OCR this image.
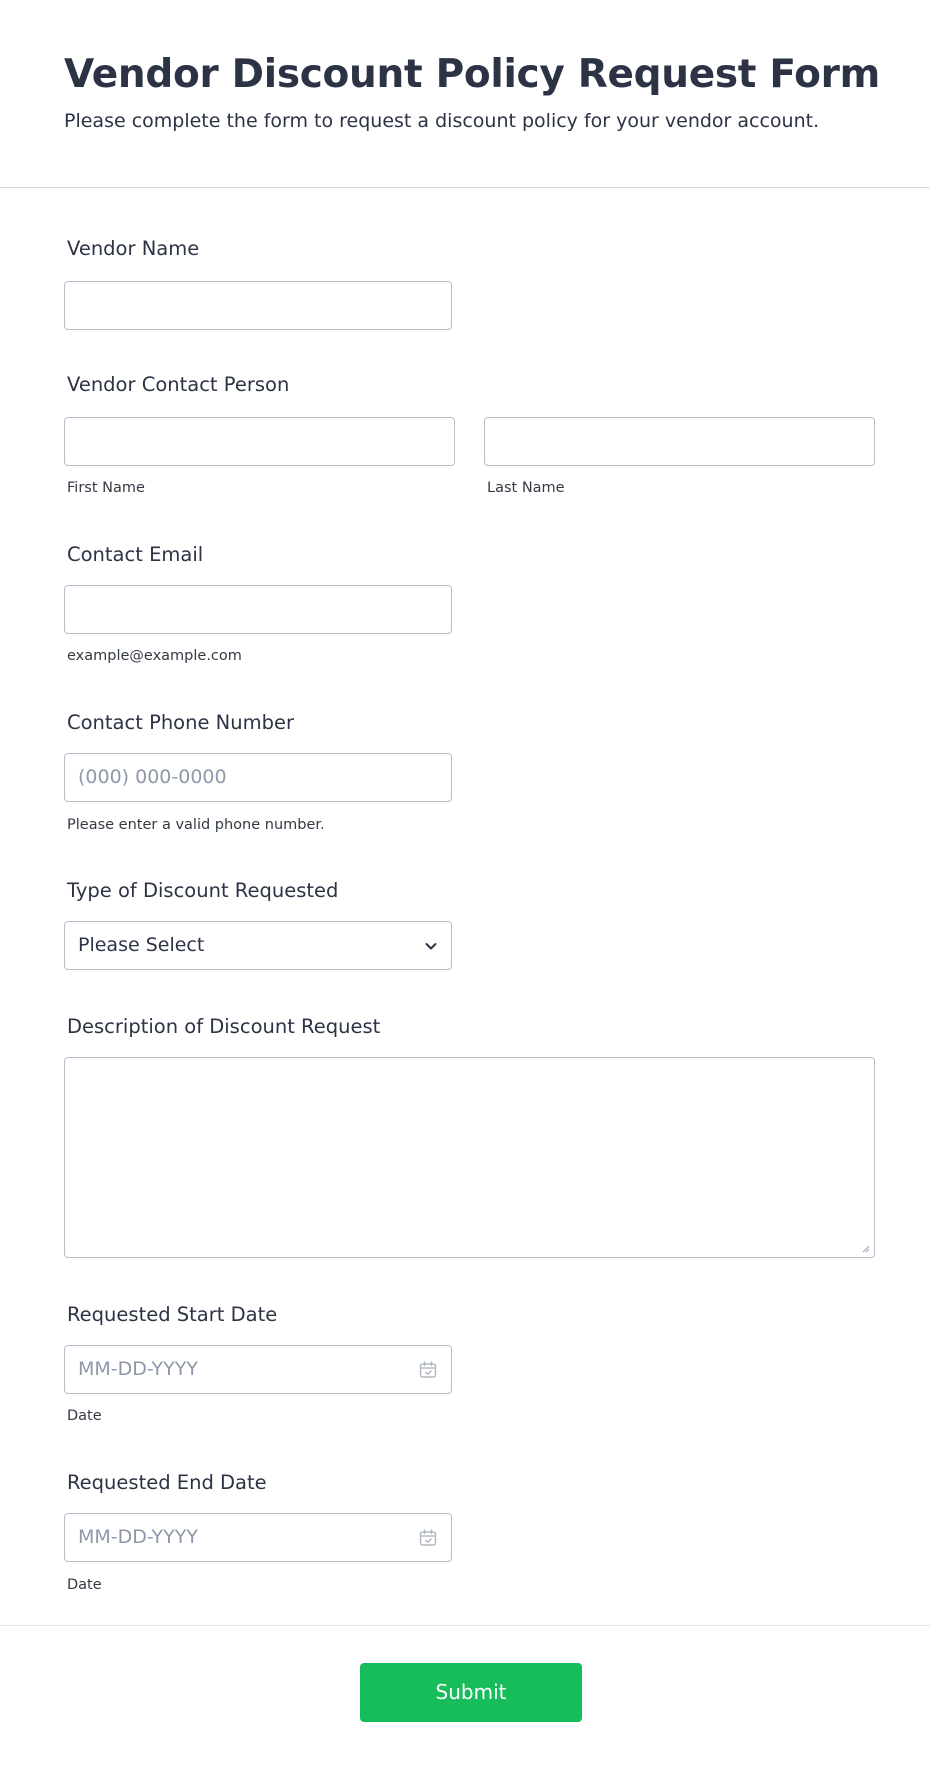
Vendor Discount Policy Request Form
Please complete the form to request a discount policy for your vendor account.
Vendor Name
Vendor Contact Person
First Name	Last Name
Contact Email
example@example.com
Contact Phone Number
(000) 000-0000
Please enter a valid phone number.
Type of Discount Requested
Please Select
Description of Discount Request
Requested Start Date
MM-DD-YYYY
Date
Requested End Date
MM-DD-YYYY
Date
Submit
